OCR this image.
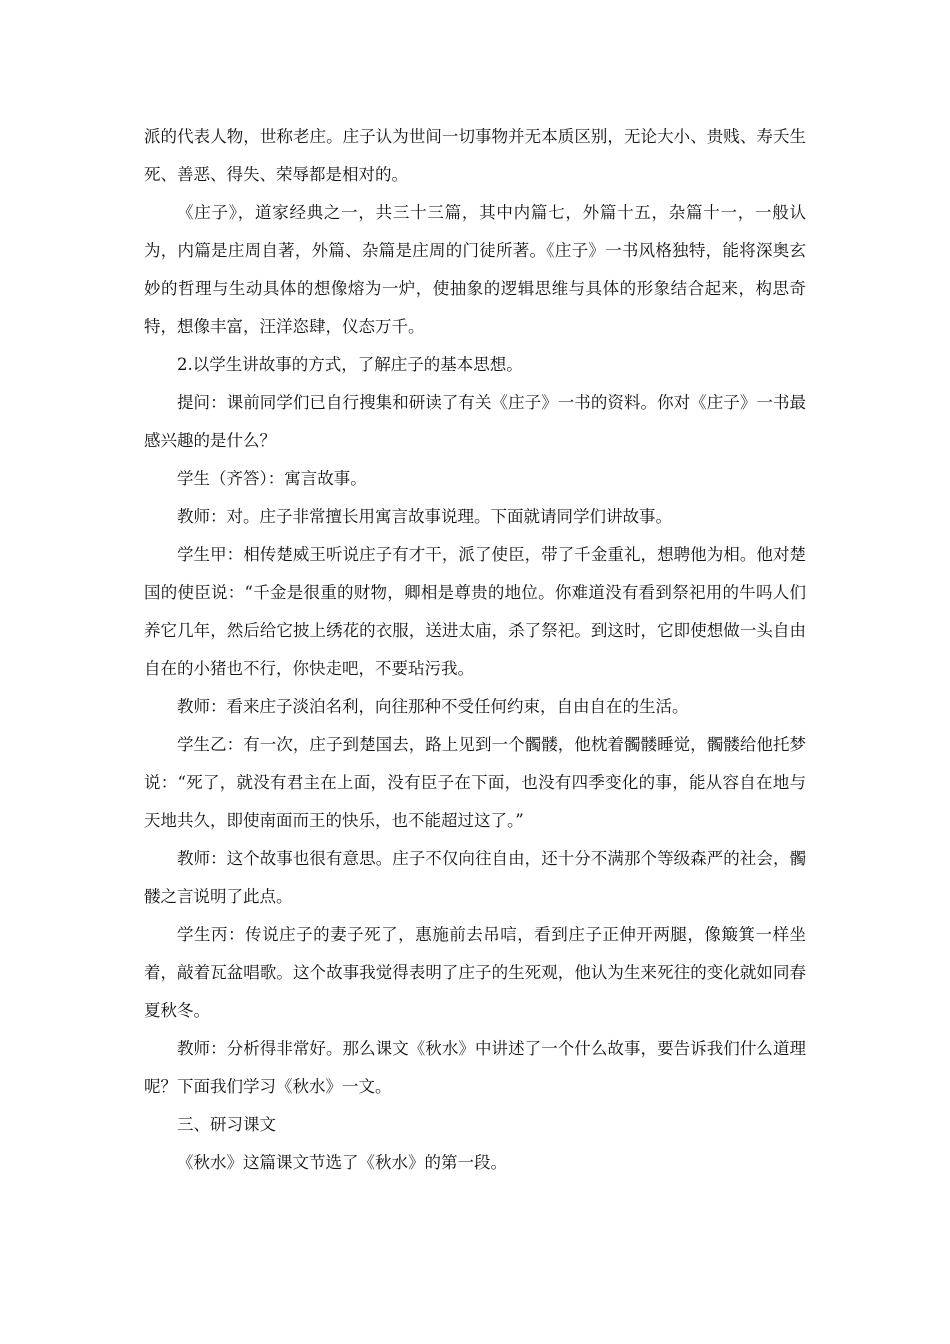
派的代表人物，世称老庄。庄子认为世间一切事物并无本质区别，无论大小、贵贱、寿夭生死、善恶、得失、荣辱都是相对的。

《庄子》，道家经典之一，共三十三篇，其中内篇七，外篇十五，杂篇十一，一般认为，内篇是庄周自著，外篇、杂篇是庄周的门徒所著。《庄子》一书风格独特，能将深奥玄妙的哲理与生动具体的想像熔为一炉，使抽象的逻辑思维与具体的形象结合起来，构思奇特，想像丰富，汪洋恣肆，仪态万千。

2.以学生讲故事的方式，了解庄子的基本思想。

提问：课前同学们已自行搜集和研读了有关《庄子》一书的资料。你对《庄子》一书最感兴趣的是什么？

学生（齐答）：寓言故事。

教师：对。庄子非常擅长用寓言故事说理。下面就请同学们讲故事。

学生甲：相传楚威王听说庄子有才干，派了使臣，带了千金重礼，想聘他为相。他对楚国的使臣说：“千金是很重的财物，卿相是尊贵的地位。你难道没有看到祭祀用的牛吗人们养它几年，然后给它披上绣花的衣服，送进太庙，杀了祭祀。到这时，它即使想做一头自由自在的小猪也不行，你快走吧，不要玷污我。

教师：看来庄子淡泊名利，向往那种不受任何约束，自由自在的生活。

学生乙：有一次，庄子到楚国去，路上见到一个髑髅，他枕着髑髅睡觉，髑髅给他托梦说：“死了，就没有君主在上面，没有臣子在下面，也没有四季变化的事，能从容自在地与天地共久，即使南面而王的快乐，也不能超过这了。”

教师：这个故事也很有意思。庄子不仅向往自由，还十分不满那个等级森严的社会，髑髅之言说明了此点。

学生丙：传说庄子的妻子死了，惠施前去吊唁，看到庄子正伸开两腿，像簸箕一样坐着，敲着瓦盆唱歌。这个故事我觉得表明了庄子的生死观，他认为生来死往的变化就如同春夏秋冬。

教师：分析得非常好。那么课文《秋水》中讲述了一个什么故事，要告诉我们什么道理呢？下面我们学习《秋水》一文。

三、研习课文

《秋水》这篇课文节选了《秋水》的第一段。
